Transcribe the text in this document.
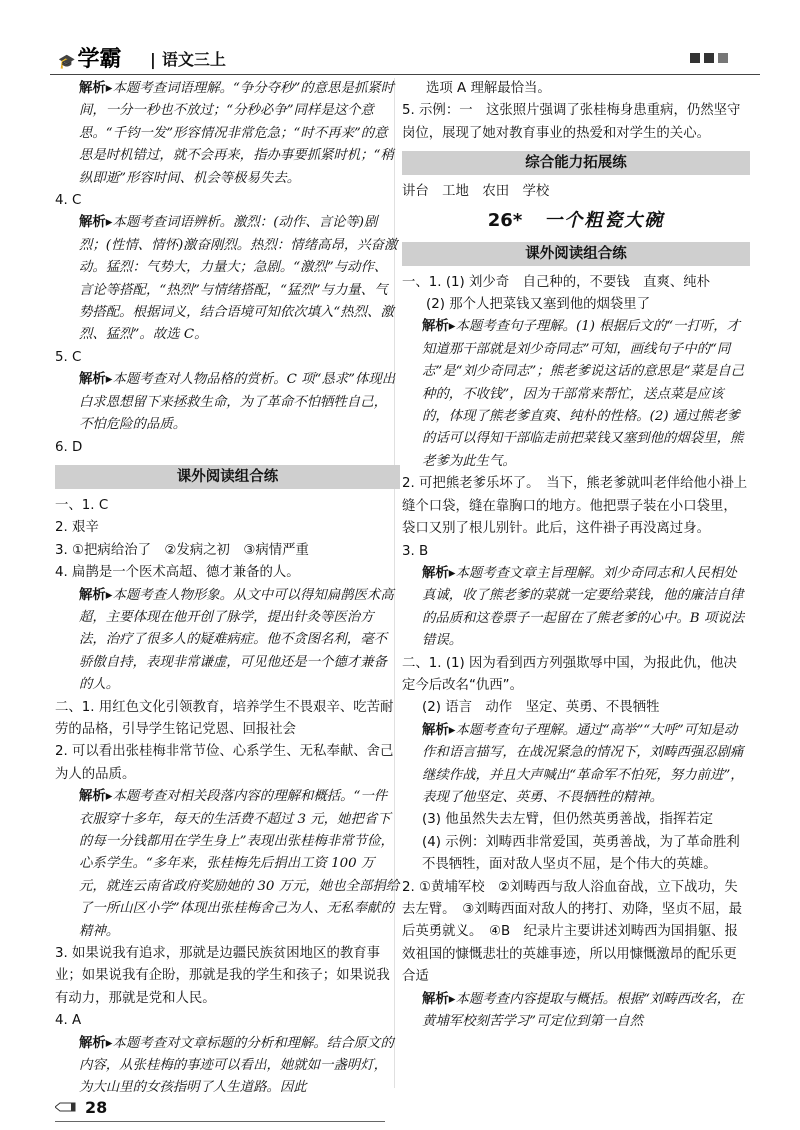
🎓学霸 | 语文三上

解析▸本题考查词语理解。“争分夺秒”的意思是抓紧时间，一分一秒也不放过；“分秒必争”同样是这个意思。“千钧一发”形容情况非常危急；“时不再来”的意思是时机错过，就不会再来，指办事要抓紧时机；“稍纵即逝”形容时间、机会等极易失去。

4. C

解析▸本题考查词语辨析。激烈：(动作、言论等)剧烈；(性情、情怀)激奋刚烈。热烈：情绪高昂，兴奋激动。猛烈：气势大，力量大；急剧。“激烈”与动作、言论等搭配，“热烈”与情绪搭配，“猛烈”与力量、气势搭配。根据词义，结合语境可知依次填入“热烈、激烈、猛烈”。故选 C。

5. C

解析▸本题考查对人物品格的赏析。C 项“恳求”体现出白求恩想留下来拯救生命，为了革命不怕牺牲自己，不怕危险的品质。

6. D

课外阅读组合练

一、1. C

2. 艰辛

3. ①把病给治了　②发病之初　③病情严重

4. 扁鹊是一个医术高超、德才兼备的人。

解析▸本题考查人物形象。从文中可以得知扁鹊医术高超，主要体现在他开创了脉学，提出针灸等医治方法，治疗了很多人的疑难病症。他不贪图名利，毫不骄傲自持，表现非常谦虚，可见他还是一个德才兼备的人。

二、1. 用红色文化引领教育，培养学生不畏艰辛、吃苦耐劳的品格，引导学生铭记党恩、回报社会

2. 可以看出张桂梅非常节俭、心系学生、无私奉献、舍己为人的品质。

解析▸本题考查对相关段落内容的理解和概括。“一件衣服穿十多年，每天的生活费不超过 3 元，她把省下的每一分钱都用在学生身上”表现出张桂梅非常节俭，心系学生。“多年来，张桂梅先后捐出工资 100 万元，就连云南省政府奖励她的 30 万元，她也全部捐给了一所山区小学”体现出张桂梅舍己为人、无私奉献的精神。

3. 如果说我有追求，那就是边疆民族贫困地区的教育事业；如果说我有企盼，那就是我的学生和孩子；如果说我有动力，那就是党和人民。

4. A

解析▸本题考查对文章标题的分析和理解。结合原文的内容，从张桂梅的事迹可以看出，她就如一盏明灯，为大山里的女孩指明了人生道路。因此

选项 A 理解最恰当。

5. 示例：一　这张照片强调了张桂梅身患重病，仍然坚守岗位，展现了她对教育事业的热爱和对学生的关心。

综合能力拓展练

讲台　工地　农田　学校

26* 一个粗瓷大碗
课外阅读组合练

一、1. (1) 刘少奇　自己种的，不要钱　直爽、纯朴

(2) 那个人把菜钱又塞到他的烟袋里了

解析▸本题考查句子理解。(1) 根据后文的“一打听，才知道那干部就是刘少奇同志”可知，画线句子中的“同志”是“刘少奇同志”；熊老爹说这话的意思是“菜是自己种的，不收钱”，因为干部常来帮忙，送点菜是应该的，体现了熊老爹直爽、纯朴的性格。(2) 通过熊老爹的话可以得知干部临走前把菜钱又塞到他的烟袋里，熊老爹为此生气。

2. 可把熊老爹乐坏了。　当下，熊老爹就叫老伴给他小褂上缝个口袋，缝在靠胸口的地方。他把票子装在小口袋里，袋口又别了根儿别针。此后，这件褂子再没离过身。

3. B

解析▸本题考查文章主旨理解。刘少奇同志和人民相处真诚，收了熊老爹的菜就一定要给菜钱，他的廉洁自律的品质和这卷票子一起留在了熊老爹的心中。B 项说法错误。

二、1. (1) 因为看到西方列强欺辱中国，为报此仇，他决定今后改名“仇西”。

(2) 语言　动作　坚定、英勇、不畏牺牲

解析▸本题考查句子理解。通过“高举”“大呼”可知是动作和语言描写，在战况紧急的情况下，刘畴西强忍剧痛继续作战，并且大声喊出“革命军不怕死，努力前进”，表现了他坚定、英勇、不畏牺牲的精神。

(3) 他虽然失去左臂，但仍然英勇善战，指挥若定

(4) 示例：刘畴西非常爱国，英勇善战，为了革命胜利不畏牺牲，面对敌人坚贞不屈，是个伟大的英雄。

2. ①黄埔军校　②刘畴西与敌人浴血奋战，立下战功，失去左臂。　③刘畴西面对敌人的拷打、劝降，坚贞不屈，最后英勇就义。　④B　纪录片主要讲述刘畴西为国捐躯、报效祖国的慷慨悲壮的英雄事迹，所以用慷慨激昂的配乐更合适

解析▸本题考查内容提取与概括。根据“刘畴西改名，在黄埔军校刻苦学习”可定位到第一自然

28
